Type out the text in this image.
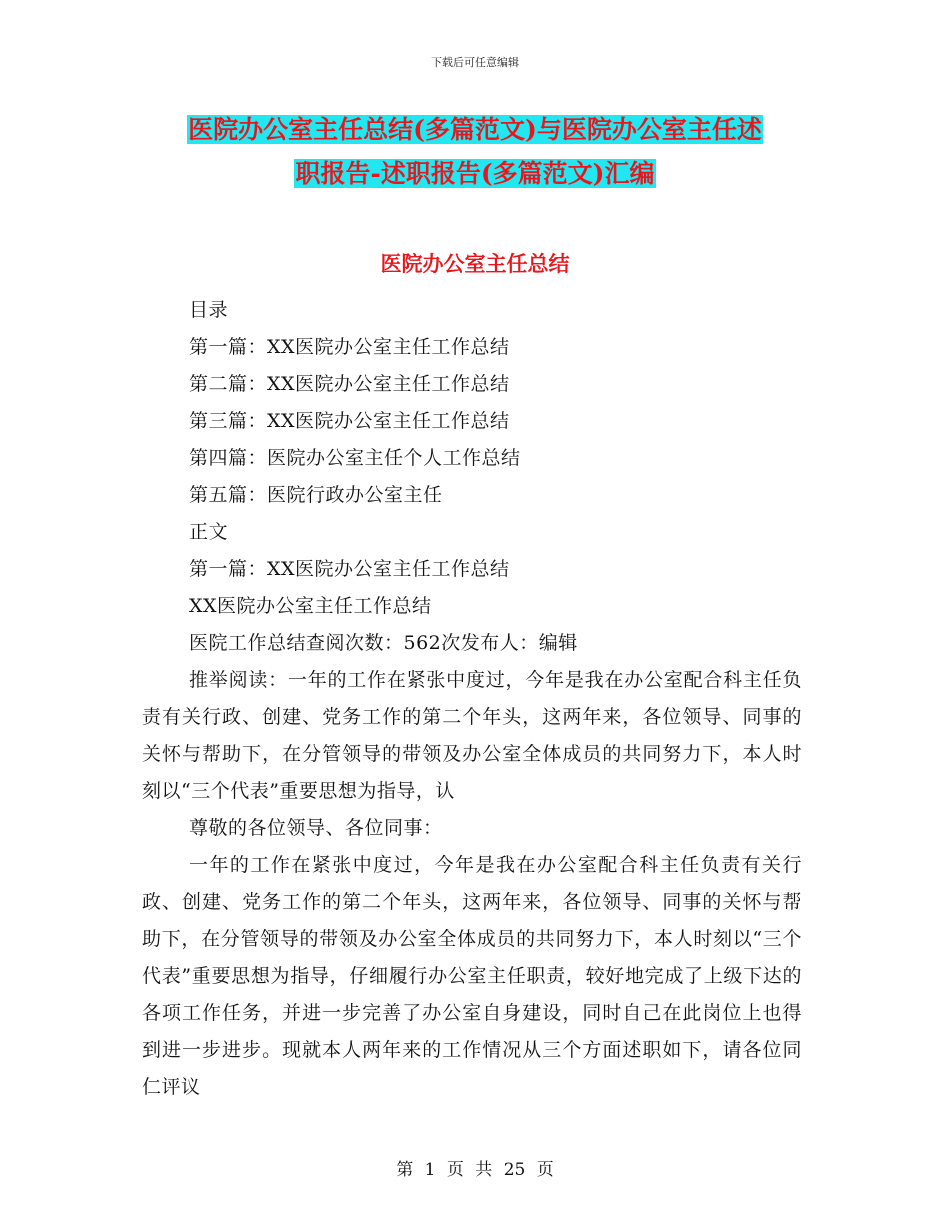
下载后可任意编辑
医院办公室主任总结(多篇范文)与医院办公室主任述
职报告-述职报告(多篇范文)汇编
医院办公室主任总结

目录

第一篇：XX医院办公室主任工作总结

第二篇：XX医院办公室主任工作总结

第三篇：XX医院办公室主任工作总结

第四篇：医院办公室主任个人工作总结

第五篇：医院行政办公室主任

正文

第一篇：XX医院办公室主任工作总结

XX医院办公室主任工作总结

医院工作总结查阅次数：562次发布人：编辑

推举阅读：一年的工作在紧张中度过，今年是我在办公室配合科主任负责有关行政、创建、党务工作的第二个年头，这两年来，各位领导、同事的关怀与帮助下，在分管领导的带领及办公室全体成员的共同努力下，本人时刻以“三个代表”重要思想为指导，认

尊敬的各位领导、各位同事：

一年的工作在紧张中度过，今年是我在办公室配合科主任负责有关行政、创建、党务工作的第二个年头，这两年来，各位领导、同事的关怀与帮助下，在分管领导的带领及办公室全体成员的共同努力下，本人时刻以“三个代表”重要思想为指导，仔细履行办公室主任职责，较好地完成了上级下达的各项工作任务，并进一步完善了办公室自身建设，同时自己在此岗位上也得到进一步进步。现就本人两年来的工作情况从三个方面述职如下，请各位同仁评议

第 1 页 共 25 页
